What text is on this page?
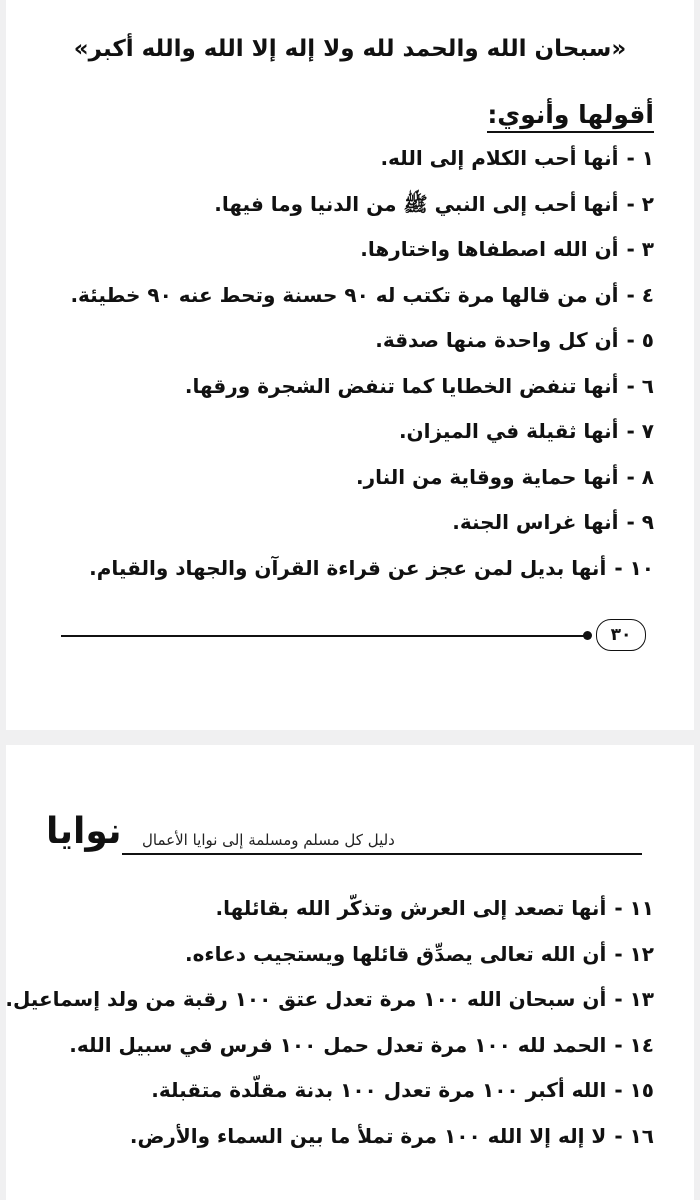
«سبحان الله والحمد لله ولا إله إلا الله والله أكبر»
أقولها وأنوي:
١ -أنها أحب الكلام إلى الله.
٢ -أنها أحب إلى النبي ﷺ من الدنيا وما فيها.
٣ -أن الله اصطفاها واختارها.
٤ -أن من قالها مرة تكتب له ٩٠ حسنة وتحط عنه ٩٠ خطيئة.
٥ -أن كل واحدة منها صدقة.
٦ -أنها تنفض الخطايا كما تنفض الشجرة ورقها.
٧ -أنها ثقيلة في الميزان.
٨ -أنها حماية ووقاية من النار.
٩ -أنها غراس الجنة.
١٠ -أنها بديل لمن عجز عن قراءة القرآن والجهاد والقيام.
٣٠
نوايا دليل كل مسلم ومسلمة إلى نوايا الأعمال
١١ -أنها تصعد إلى العرش وتذكّر الله بقائلها.
١٢ -أن الله تعالى يصدِّق قائلها ويستجيب دعاءه.
١٣ -أن سبحان الله ١٠٠ مرة تعدل عتق ١٠٠ رقبة من ولد إسماعيل.
١٤ -الحمد لله ١٠٠ مرة تعدل حمل ١٠٠ فرس في سبيل الله.
١٥ -الله أكبر ١٠٠ مرة تعدل ١٠٠ بدنة مقلّدة متقبلة.
١٦ -لا إله إلا الله ١٠٠ مرة تملأ ما بين السماء والأرض.
